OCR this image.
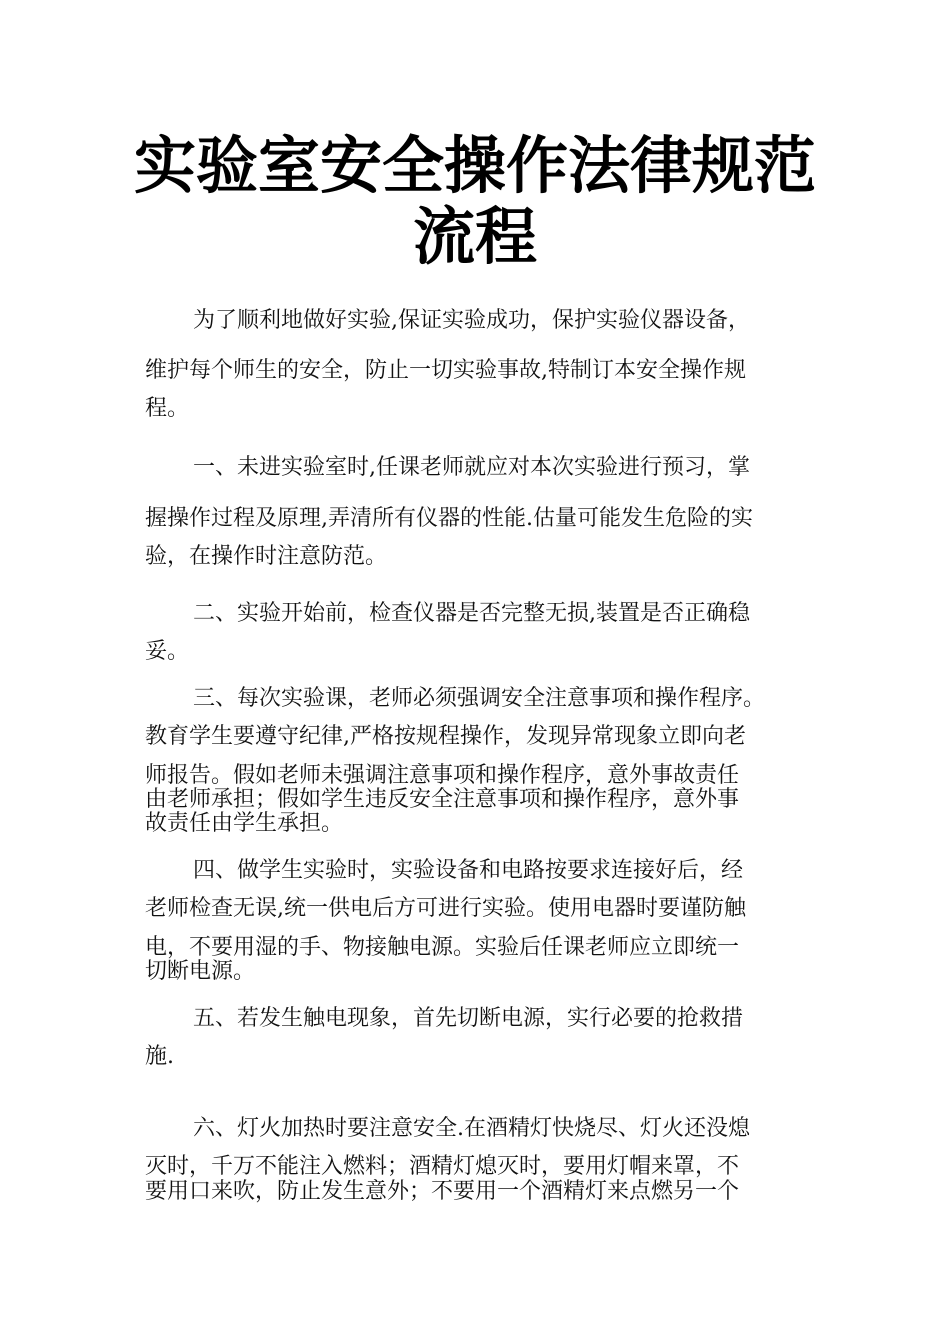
实验室安全操作法律规范
流程
为了顺利地做好实验,保证实验成功，保护实验仪器设备，
维护每个师生的安全，防止一切实验事故,特制订本安全操作规
程。
一、未进实验室时,任课老师就应对本次实验进行预习，掌
握操作过程及原理,弄清所有仪器的性能.估量可能发生危险的实
验，在操作时注意防范。
二、实验开始前，检查仪器是否完整无损,装置是否正确稳
妥。
三、每次实验课，老师必须强调安全注意事项和操作程序。
教育学生要遵守纪律,严格按规程操作，发现异常现象立即向老
师报告。假如老师未强调注意事项和操作程序，意外事故责任
由老师承担；假如学生违反安全注意事项和操作程序，意外事
故责任由学生承担。
四、做学生实验时，实验设备和电路按要求连接好后，经
老师检查无误,统一供电后方可进行实验。使用电器时要谨防触
电，不要用湿的手、物接触电源。实验后任课老师应立即统一
切断电源。
五、若发生触电现象，首先切断电源，实行必要的抢救措
施.
六、灯火加热时要注意安全.在酒精灯快烧尽、灯火还没熄
灭时，千万不能注入燃料；酒精灯熄灭时，要用灯帽来罩，不
要用口来吹，防止发生意外；不要用一个酒精灯来点燃另一个
